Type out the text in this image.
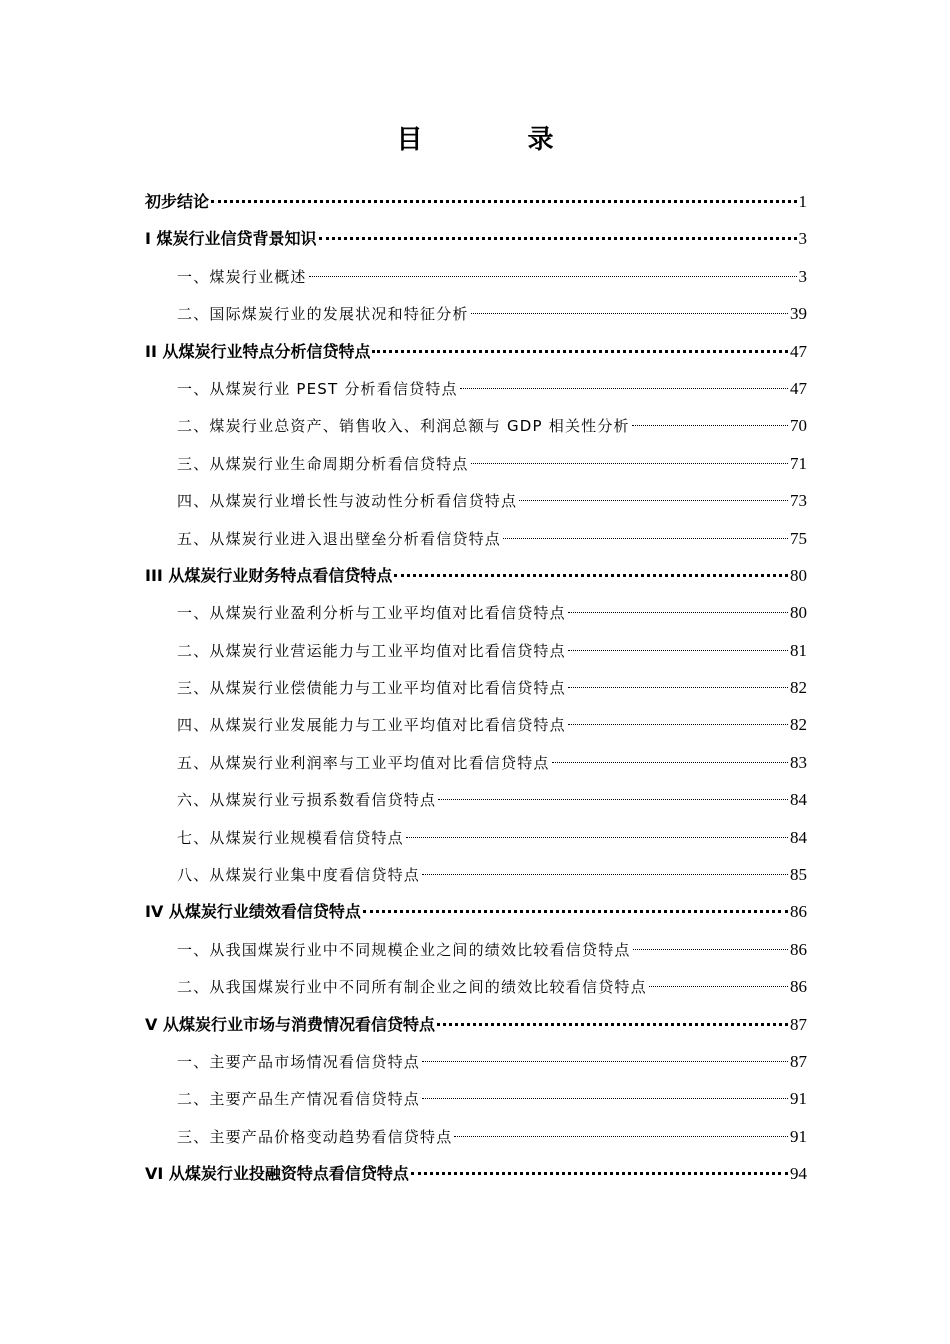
目 录
初步结论	1
I 煤炭行业信贷背景知识	3
一、煤炭行业概述	3
二、国际煤炭行业的发展状况和特征分析	39
II 从煤炭行业特点分析信贷特点	47
一、从煤炭行业 PEST 分析看信贷特点	47
二、煤炭行业总资产、销售收入、利润总额与 GDP 相关性分析	70
三、从煤炭行业生命周期分析看信贷特点	71
四、从煤炭行业增长性与波动性分析看信贷特点	73
五、从煤炭行业进入退出壁垒分析看信贷特点	75
III 从煤炭行业财务特点看信贷特点	80
一、从煤炭行业盈利分析与工业平均值对比看信贷特点	80
二、从煤炭行业营运能力与工业平均值对比看信贷特点	81
三、从煤炭行业偿债能力与工业平均值对比看信贷特点	82
四、从煤炭行业发展能力与工业平均值对比看信贷特点	82
五、从煤炭行业利润率与工业平均值对比看信贷特点	83
六、从煤炭行业亏损系数看信贷特点	84
七、从煤炭行业规模看信贷特点	84
八、从煤炭行业集中度看信贷特点	85
IV 从煤炭行业绩效看信贷特点	86
一、从我国煤炭行业中不同规模企业之间的绩效比较看信贷特点	86
二、从我国煤炭行业中不同所有制企业之间的绩效比较看信贷特点	86
V 从煤炭行业市场与消费情况看信贷特点	87
一、主要产品市场情况看信贷特点	87
二、主要产品生产情况看信贷特点	91
三、主要产品价格变动趋势看信贷特点	91
VI 从煤炭行业投融资特点看信贷特点	94
